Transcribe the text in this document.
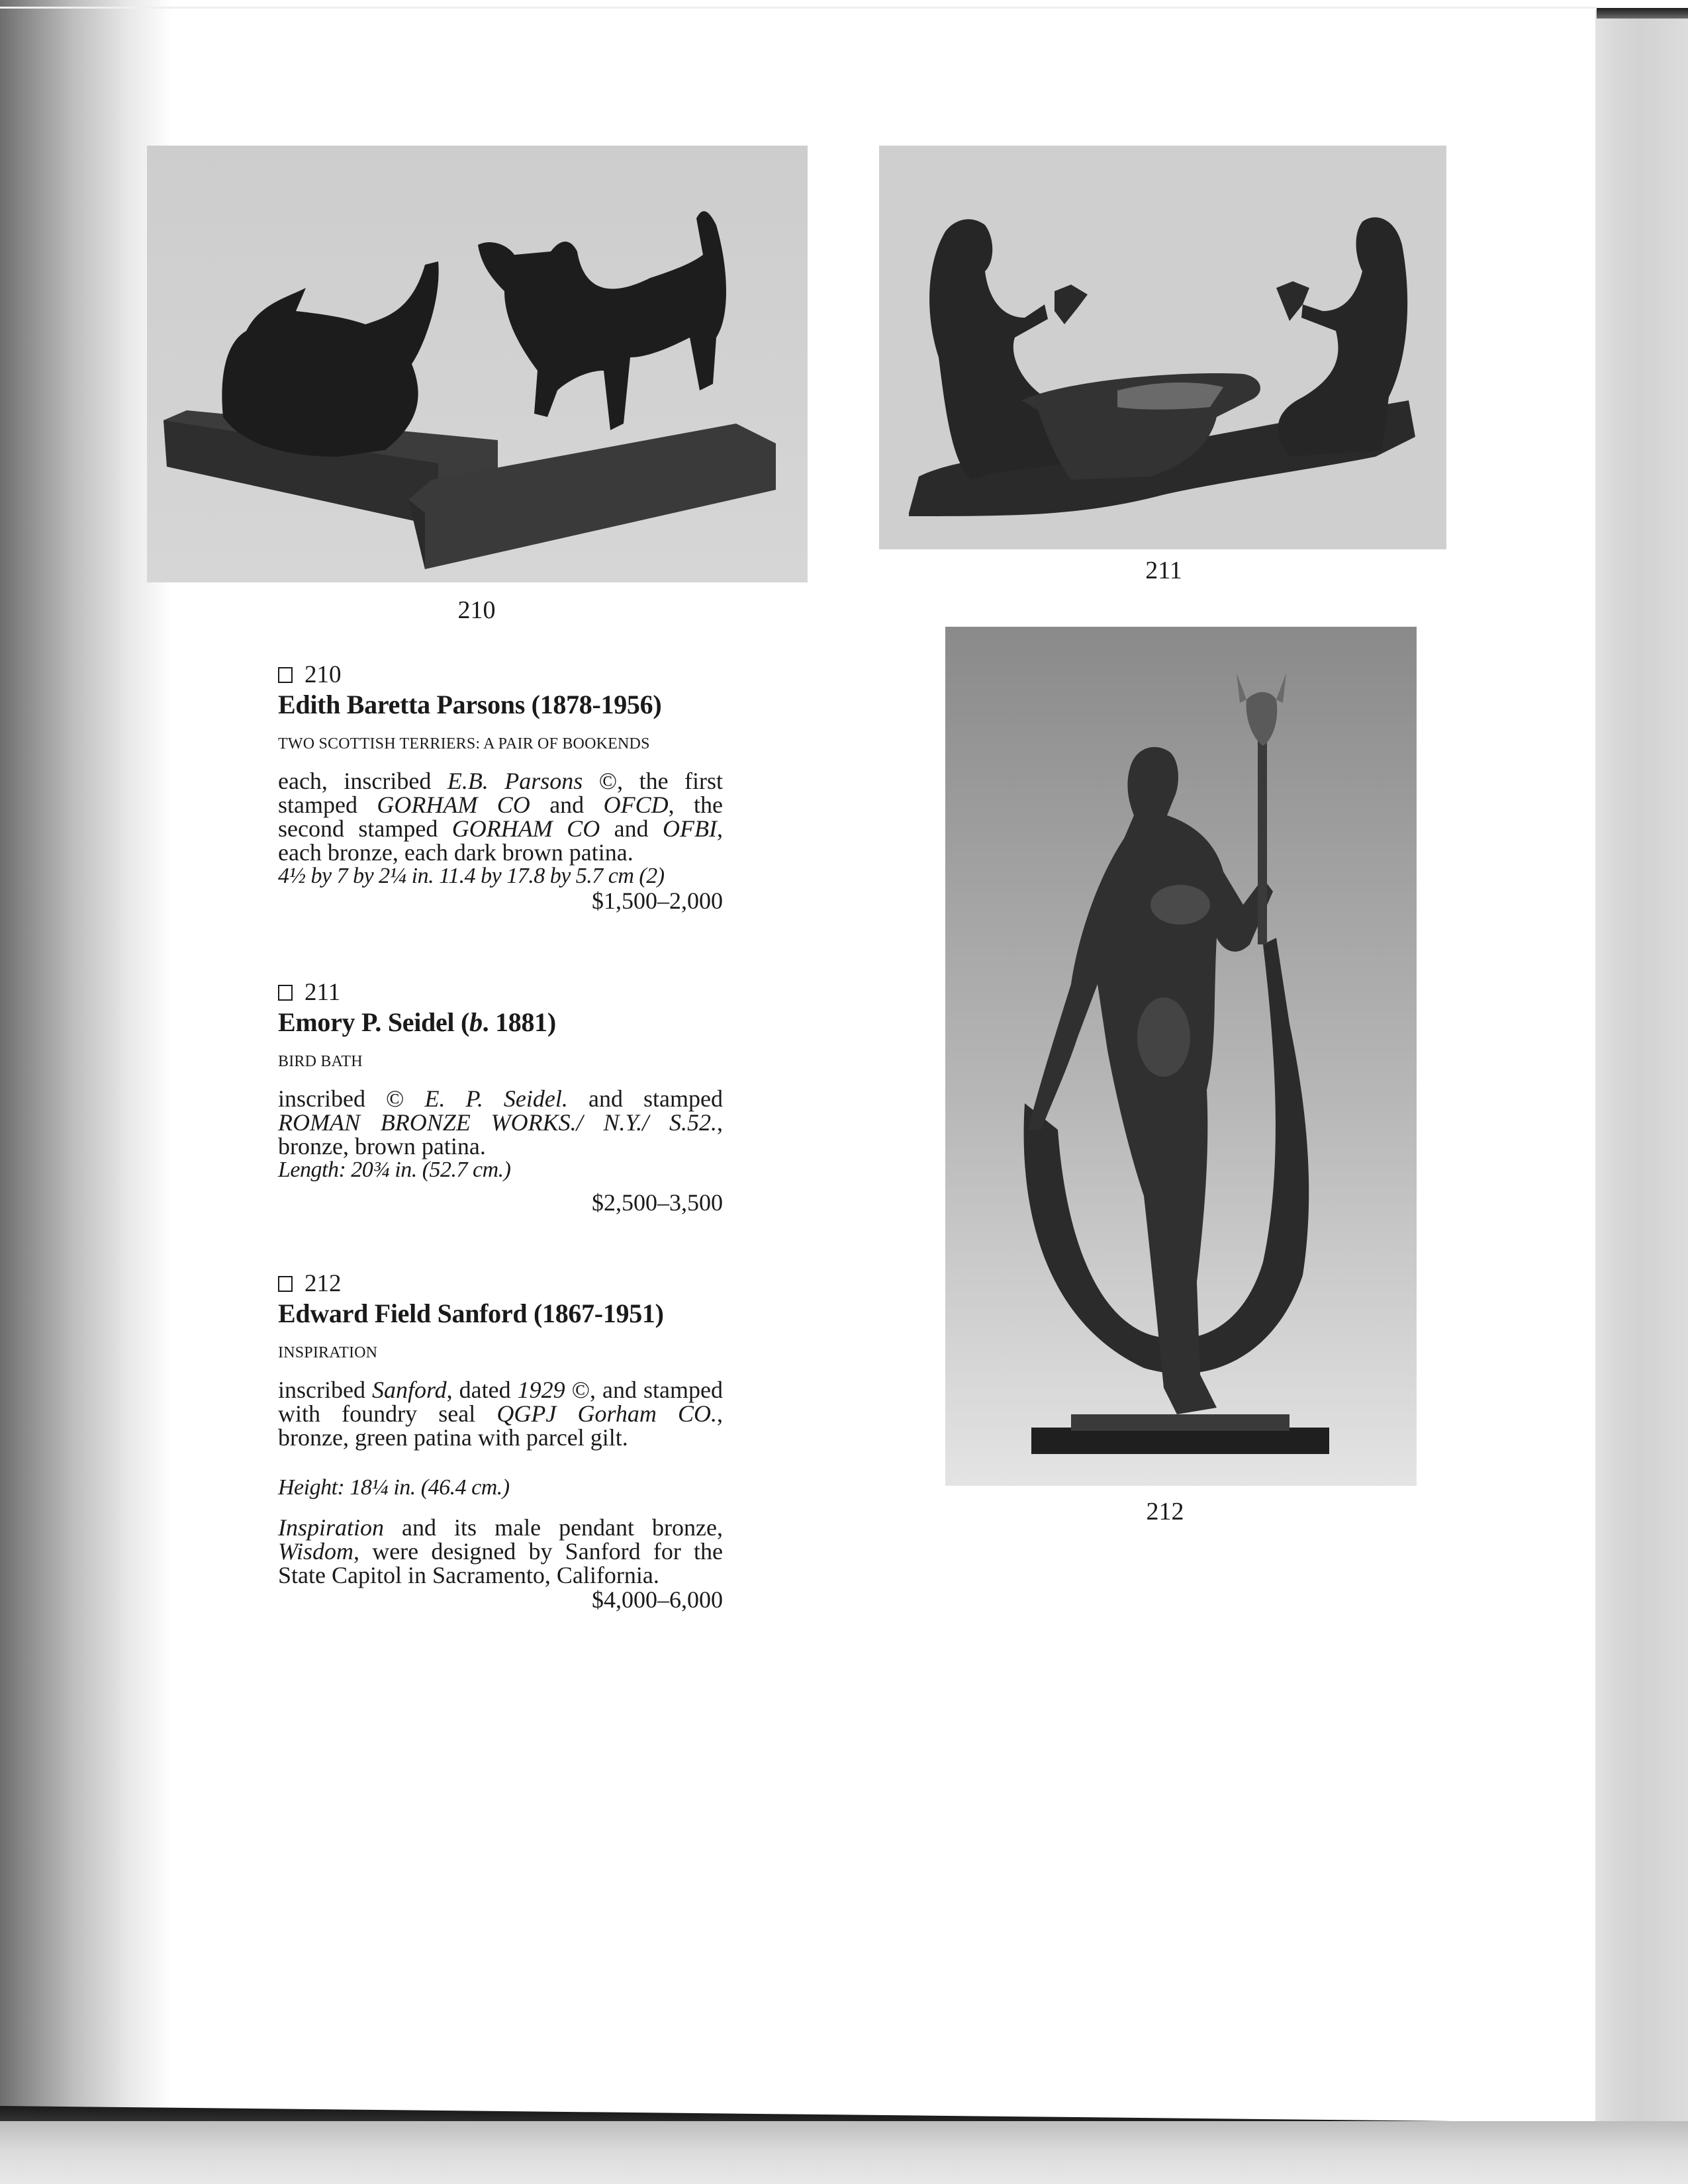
210
211
212
210
Edith Baretta Parsons (1878-1956)
TWO SCOTTISH TERRIERS: A PAIR OF BOOKENDS
each, inscribed E.B. Parsons ©, the first stamped GORHAM CO and OFCD, the second stamped GORHAM CO and OFBI, each bronze, each dark brown patina.
4½ by 7 by 2¼ in. 11.4 by 17.8 by 5.7 cm (2)
$1,500–2,000
211
Emory P. Seidel (b. 1881)
BIRD BATH
inscribed © E. P. Seidel. and stamped ROMAN BRONZE WORKS./ N.Y./ S.52., bronze, brown patina.
Length: 20¾ in. (52.7 cm.)
$2,500–3,500
212
Edward Field Sanford (1867-1951)
INSPIRATION
inscribed Sanford, dated 1929 ©, and stamped with foundry seal QGPJ Gorham CO., bronze, green patina with parcel gilt.
Height: 18¼ in. (46.4 cm.)
Inspiration and its male pendant bronze, Wisdom, were designed by Sanford for the State Capitol in Sacramento, California.
$4,000–6,000
